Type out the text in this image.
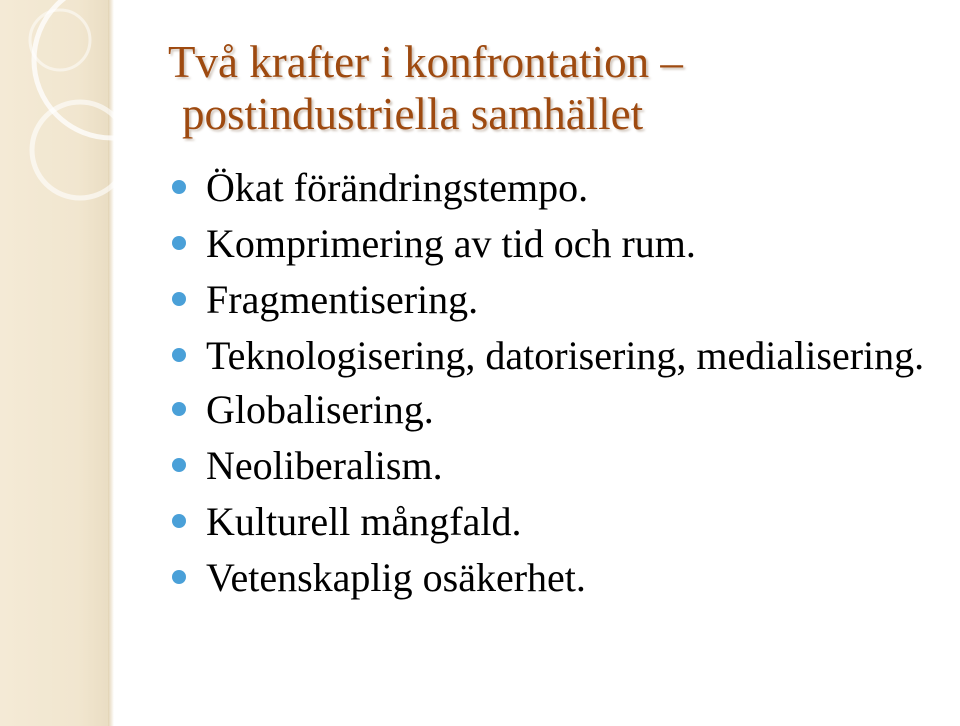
Två krafter i konfrontation –
postindustriella samhället
Ökat förändringstempo.
Komprimering av tid och rum.
Fragmentisering.
Teknologisering, datorisering, medialisering.
Globalisering.
Neoliberalism.
Kulturell mångfald.
Vetenskaplig osäkerhet.
